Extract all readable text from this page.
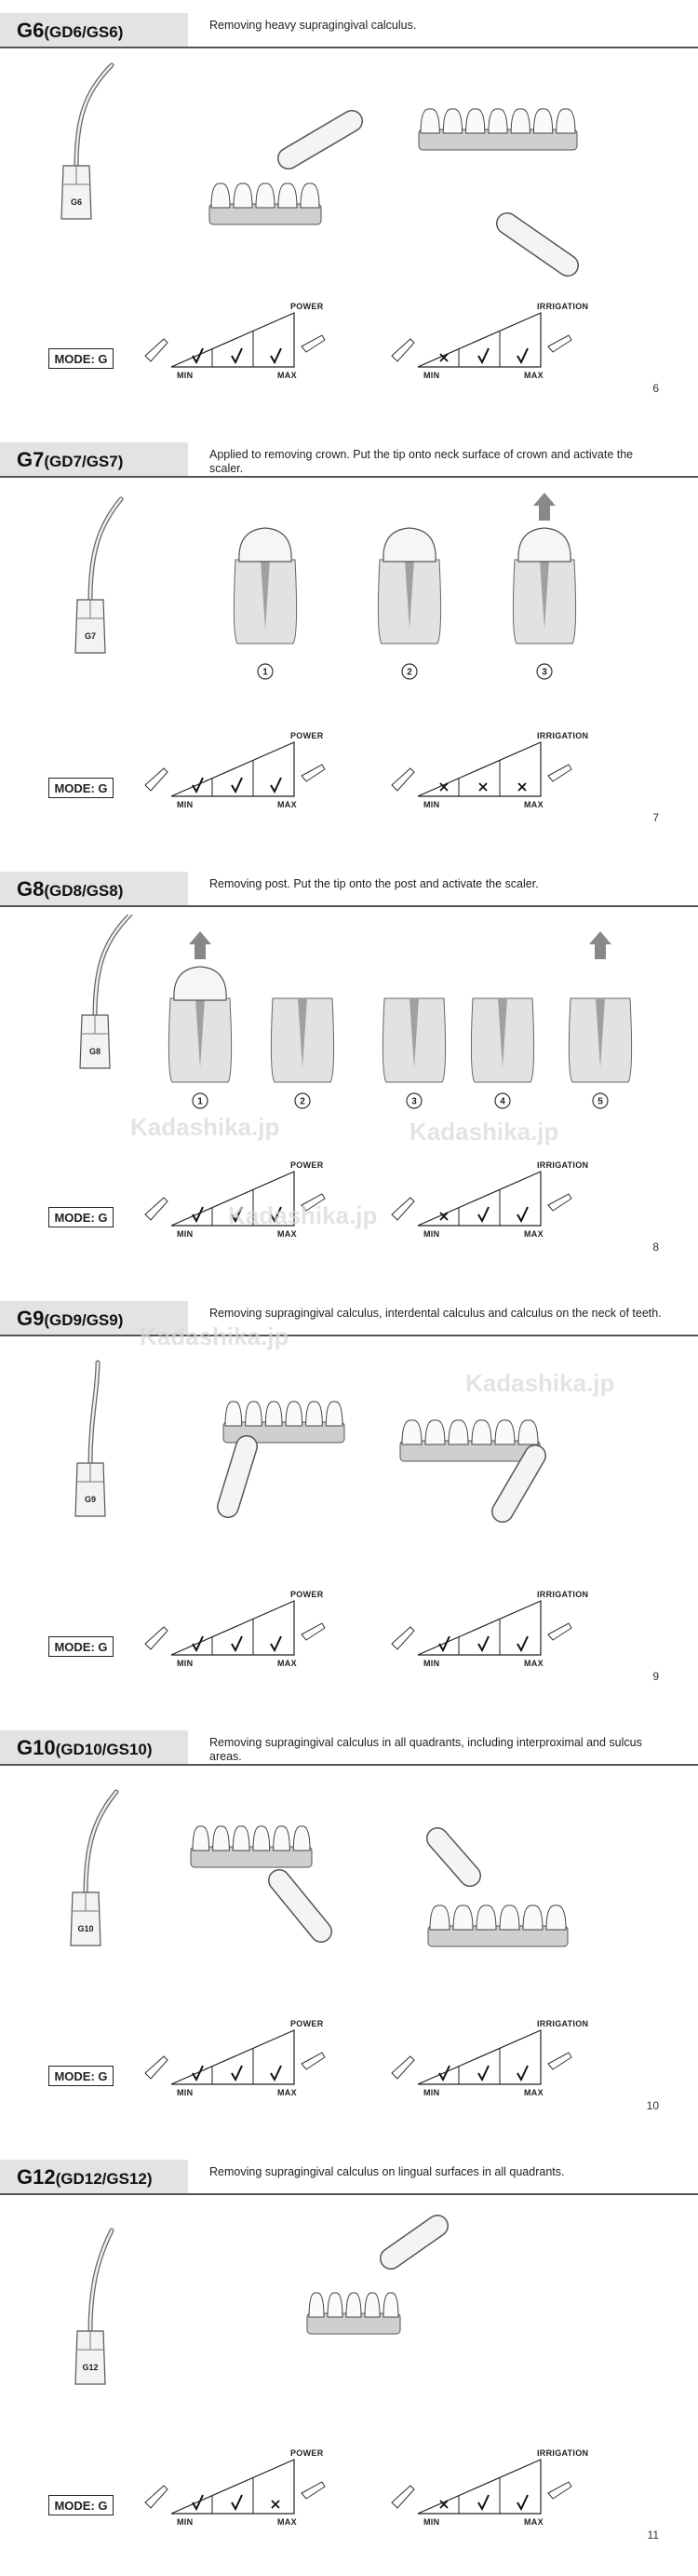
G6(GD6/GS6)	Removing heavy supragingival calculus.
G6
MODE: G
POWER
MIN	MAX
IRRIGATION
MIN	MAX
6
G7(GD7/GS7)	Applied to removing crown. Put the tip onto neck surface of crown and activate the scaler.
G7
1	2	3
MODE: G
POWER
MIN	MAX
IRRIGATION
MIN	MAX
7
G8(GD8/GS8)	Removing post. Put the tip onto the post and activate the scaler.
G8
1	2	3	4	5
MODE: G
POWER
MIN	MAX
IRRIGATION
MIN	MAX
8
G9(GD9/GS9)	Removing supragingival calculus, interdental calculus and calculus on the neck of teeth.
G9
MODE: G
POWER
MIN	MAX
IRRIGATION
MIN	MAX
9
G10(GD10/GS10)	Removing supragingival calculus in all quadrants, including interproximal and sulcus areas.
G10
MODE: G
POWER
MIN	MAX
IRRIGATION
MIN	MAX
10
G12(GD12/GS12)	Removing supragingival calculus on lingual surfaces in all quadrants.
G12
MODE: G
POWER
MIN	MAX
IRRIGATION
MIN	MAX
11
Kadashika.jp
Kadashika.jp
Kadashika.jp
Kadashika.jp
Kadashika.jp
